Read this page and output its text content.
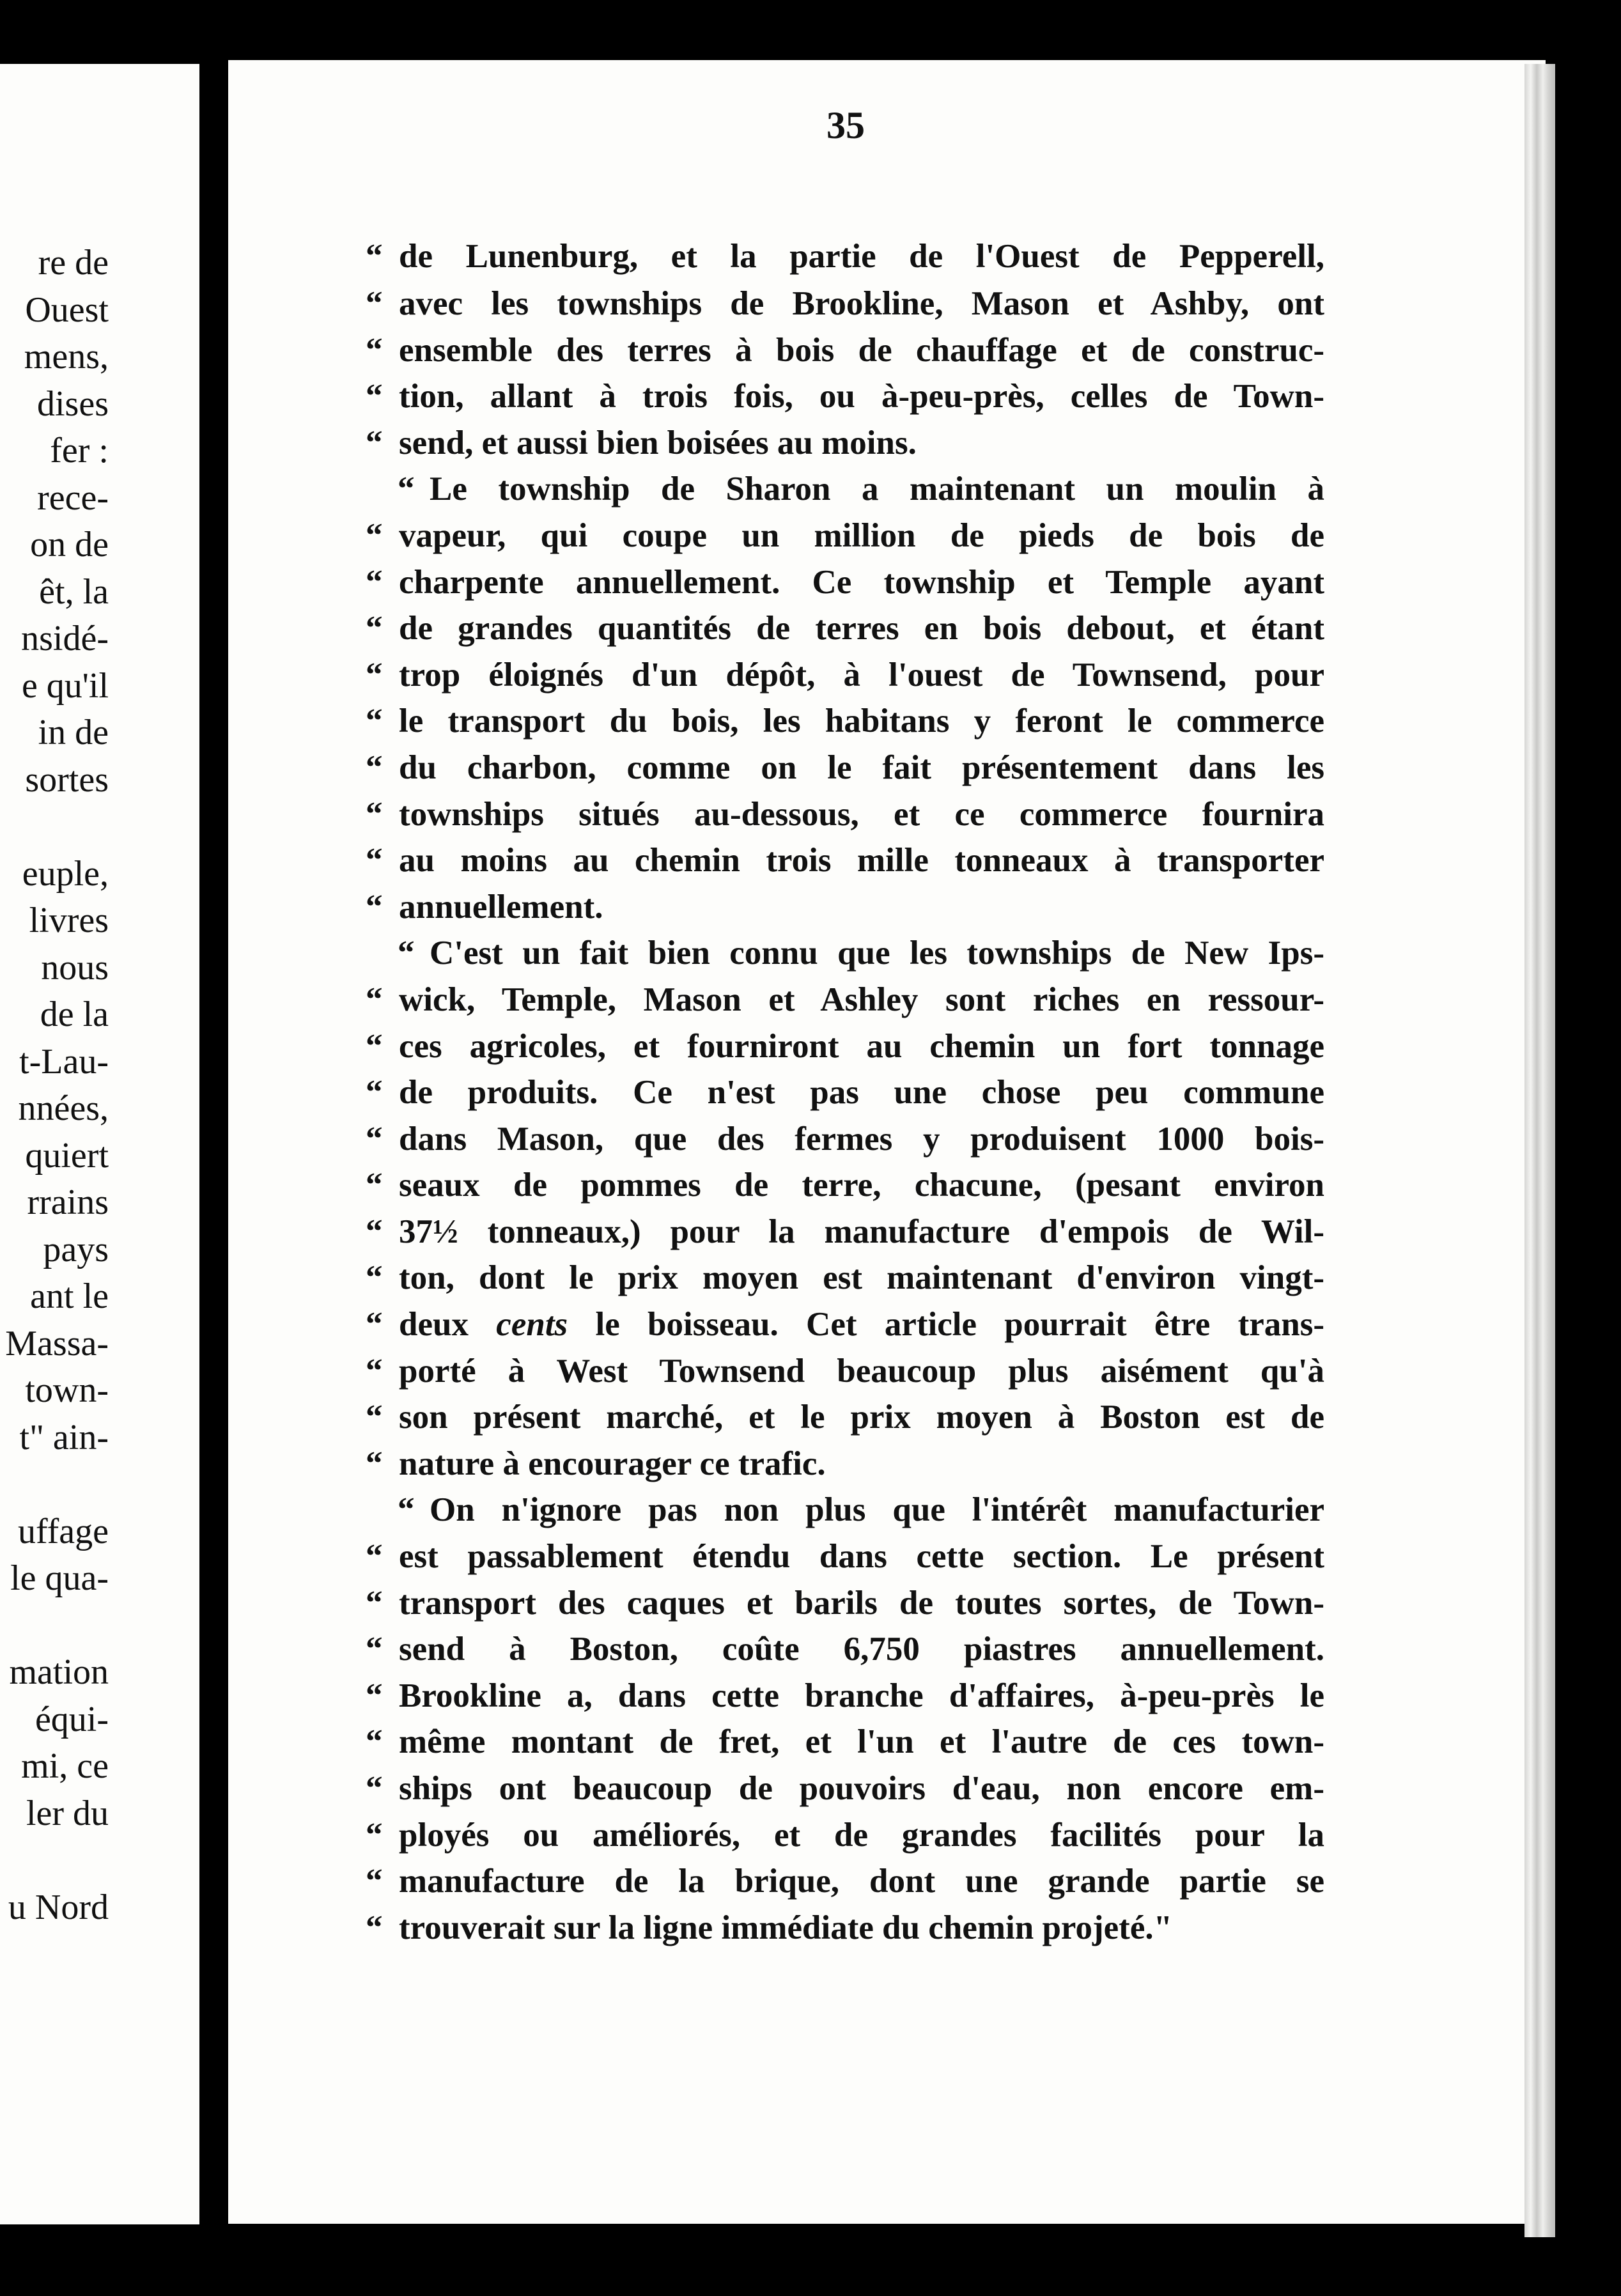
re de
Ouest
mens,
dises
fer :
rece-
on de
êt, la
nsidé-
e qu'il
in de
sortes
euple,
livres
nous
de la
t-Lau-
nnées,
quiert
rrains
pays
ant le
Massa-
town-
t" ain-
uffage
le qua-
mation
équi-
mi, ce
ler du
u Nord
35
“ de Lunenburg, et la partie de l'Ouest de Pepperell,
“ avec les townships de Brookline, Mason et Ashby, ont
“ ensemble des terres à bois de chauffage et de construc-
“ tion, allant à trois fois, ou à-peu-près, celles de Town-
“ send, et aussi bien boisées au moins.
“ Le township de Sharon a maintenant un moulin à
“ vapeur, qui coupe un million de pieds de bois de
“ charpente annuellement. Ce township et Temple ayant
“ de grandes quantités de terres en bois debout, et étant
“ trop éloignés d'un dépôt, à l'ouest de Townsend, pour
“ le transport du bois, les habitans y feront le commerce
“ du charbon, comme on le fait présentement dans les
“ townships situés au-dessous, et ce commerce fournira
“ au moins au chemin trois mille tonneaux à transporter
“ annuellement.
“ C'est un fait bien connu que les townships de New Ips-
“ wick, Temple, Mason et Ashley sont riches en ressour-
“ ces agricoles, et fourniront au chemin un fort tonnage
“ de produits. Ce n'est pas une chose peu commune
“ dans Mason, que des fermes y produisent 1000 bois-
“ seaux de pommes de terre, chacune, (pesant environ
“ 37½ tonneaux,) pour la manufacture d'empois de Wil-
“ ton, dont le prix moyen est maintenant d'environ vingt-
“ deux cents le boisseau. Cet article pourrait être trans-
“ porté à West Townsend beaucoup plus aisément qu'à
“ son présent marché, et le prix moyen à Boston est de
“ nature à encourager ce trafic.
“ On n'ignore pas non plus que l'intérêt manufacturier
“ est passablement étendu dans cette section. Le présent
“ transport des caques et barils de toutes sortes, de Town-
“ send à Boston, coûte 6,750 piastres annuellement.
“ Brookline a, dans cette branche d'affaires, à-peu-près le
“ même montant de fret, et l'un et l'autre de ces town-
“ ships ont beaucoup de pouvoirs d'eau, non encore em-
“ ployés ou améliorés, et de grandes facilités pour la
“ manufacture de la brique, dont une grande partie se
“ trouverait sur la ligne immédiate du chemin projeté."
